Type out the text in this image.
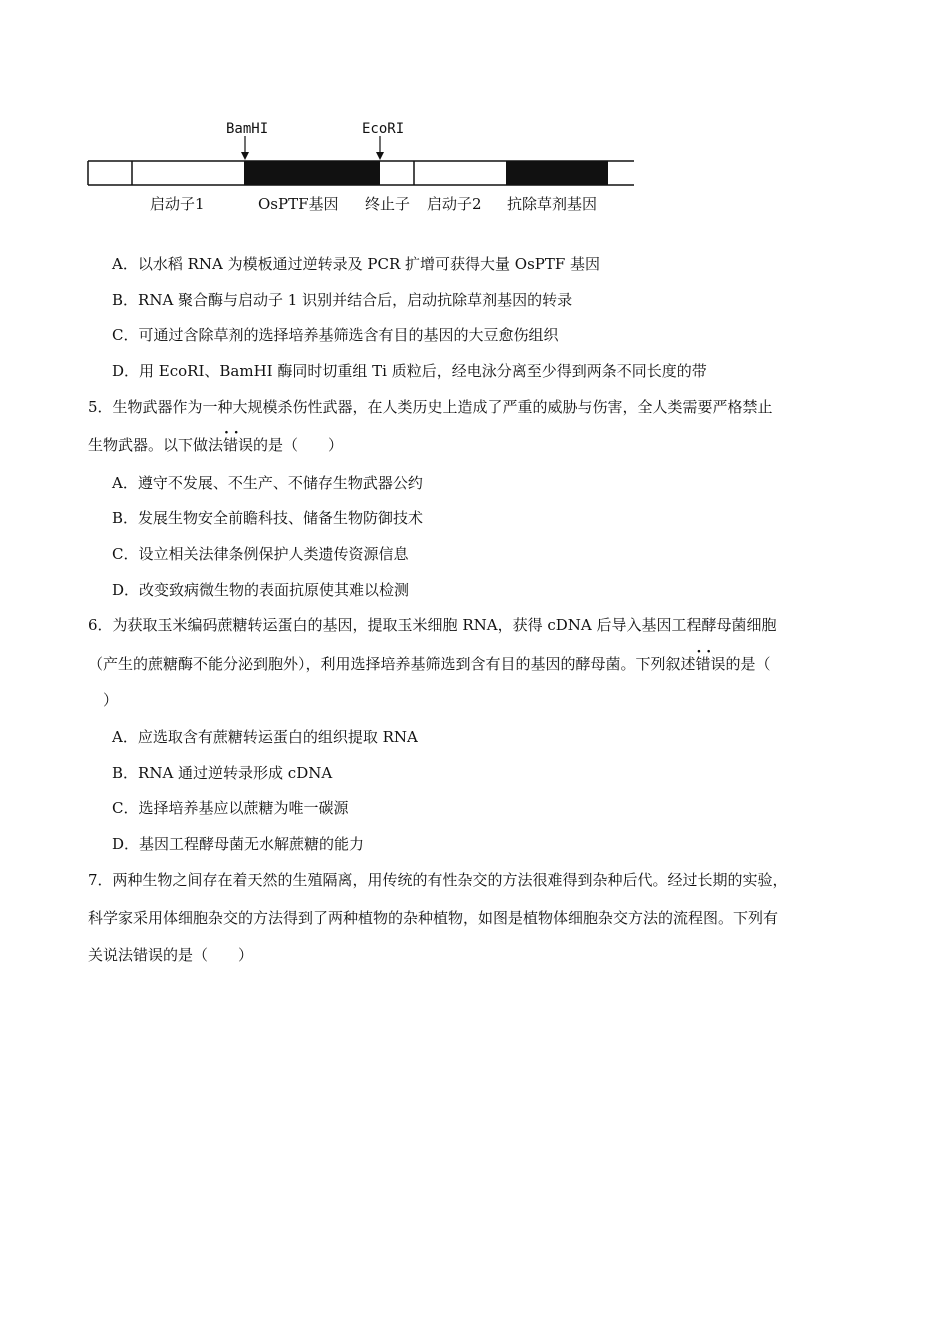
BamHI	EcoRI
启动子1	OsPTF基因 终止子 启动子2 抗除草剂基因
A．以水稻 RNA 为模板通过逆转录及 PCR 扩增可获得大量 OsPTF 基因
B．RNA 聚合酶与启动子 1 识别并结合后，启动抗除草剂基因的转录
C．可通过含除草剂的选择培养基筛选含有目的基因的大豆愈伤组织
D．用 EcoRI、BamHI 酶同时切重组 Ti 质粒后，经电泳分离至少得到两条不同长度的带
5．生物武器作为一种大规模杀伤性武器，在人类历史上造成了严重的威胁与伤害，全人类需要严格禁止
生物武器。以下做法· · 错误的是（　　）
A．遵守不发展、不生产、不储存生物武器公约
B．发展生物安全前瞻科技、储备生物防御技术
C．设立相关法律条例保护人类遗传资源信息
D．改变致病微生物的表面抗原使其难以检测
6．为获取玉米编码蔗糖转运蛋白的基因，提取玉米细胞 RNA，获得 cDNA 后导入基因工程酵母菌细胞
（产生的蔗糖酶不能分泌到胞外），利用选择培养基筛选到含有目的基因的酵母菌。下列叙述· · 错误的是（
　）
A．应选取含有蔗糖转运蛋白的组织提取 RNA
B．RNA 通过逆转录形成 cDNA
C．选择培养基应以蔗糖为唯一碳源
D．基因工程酵母菌无水解蔗糖的能力
7．两种生物之间存在着天然的生殖隔离，用传统的有性杂交的方法很难得到杂种后代。经过长期的实验，
科学家采用体细胞杂交的方法得到了两种植物的杂种植物，如图是植物体细胞杂交方法的流程图。下列有
关说法错误的是（　　）
